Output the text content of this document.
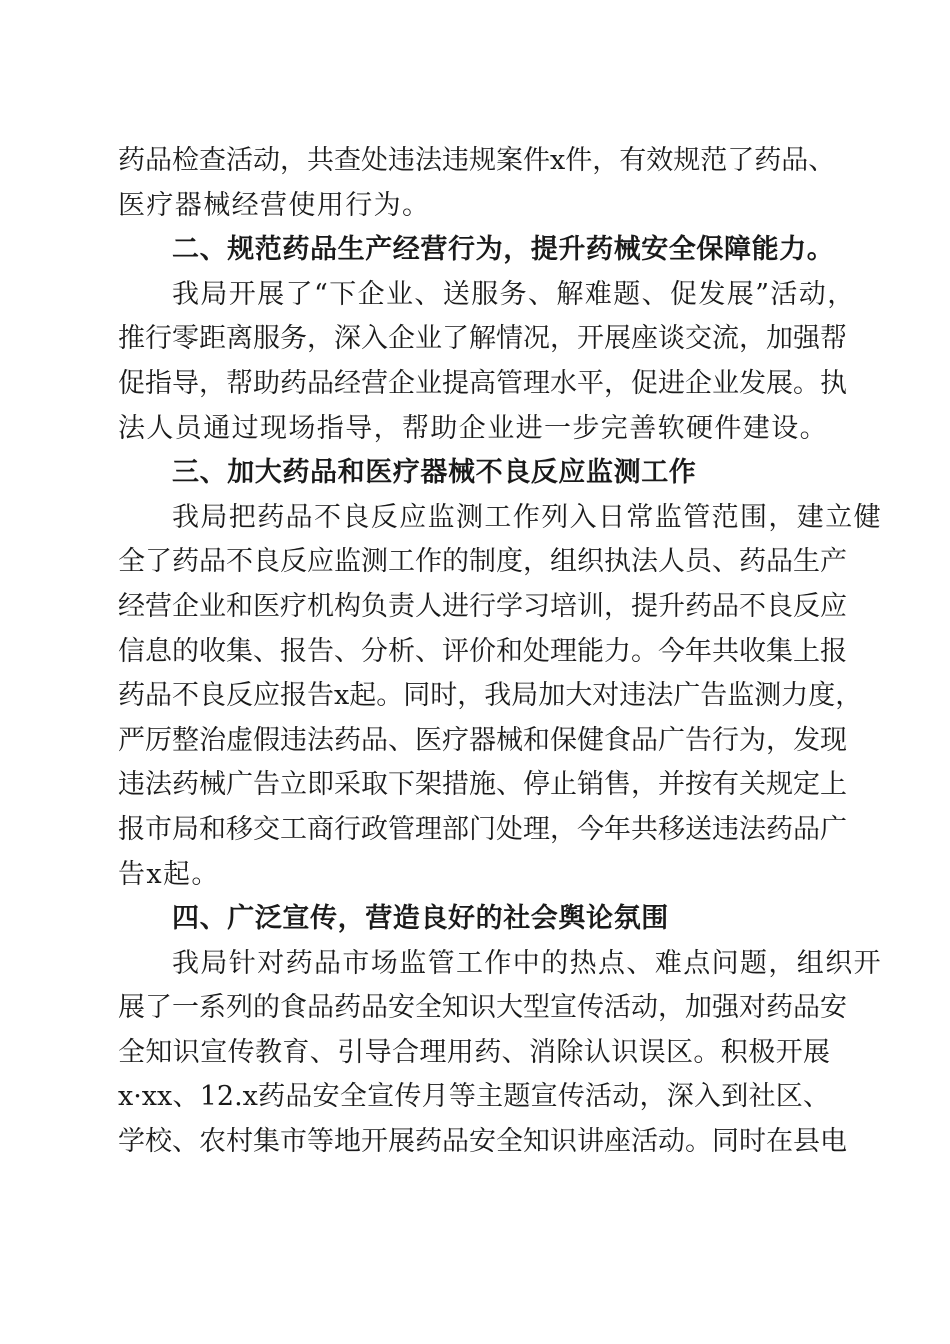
药品检查活动，共查处违法违规案件x件，有效规范了药品、
医疗器械经营使用行为。
二、规范药品生产经营行为，提升药械安全保障能力。
我局开展了“下企业、送服务、解难题、促发展”活动，
推行零距离服务，深入企业了解情况，开展座谈交流，加强帮
促指导，帮助药品经营企业提高管理水平，促进企业发展。执
法人员通过现场指导，帮助企业进一步完善软硬件建设。
三、加大药品和医疗器械不良反应监测工作
我局把药品不良反应监测工作列入日常监管范围，建立健
全了药品不良反应监测工作的制度，组织执法人员、药品生产
经营企业和医疗机构负责人进行学习培训，提升药品不良反应
信息的收集、报告、分析、评价和处理能力。今年共收集上报
药品不良反应报告x起。同时，我局加大对违法广告监测力度，
严厉整治虚假违法药品、医疗器械和保健食品广告行为，发现
违法药械广告立即采取下架措施、停止销售，并按有关规定上
报市局和移交工商行政管理部门处理，今年共移送违法药品广
告x起。
四、广泛宣传，营造良好的社会舆论氛围
我局针对药品市场监管工作中的热点、难点问题，组织开
展了一系列的食品药品安全知识大型宣传活动，加强对药品安
全知识宣传教育、引导合理用药、消除认识误区。积极开展
x·xx、12.x药品安全宣传月等主题宣传活动，深入到社区、
学校、农村集市等地开展药品安全知识讲座活动。同时在县电
